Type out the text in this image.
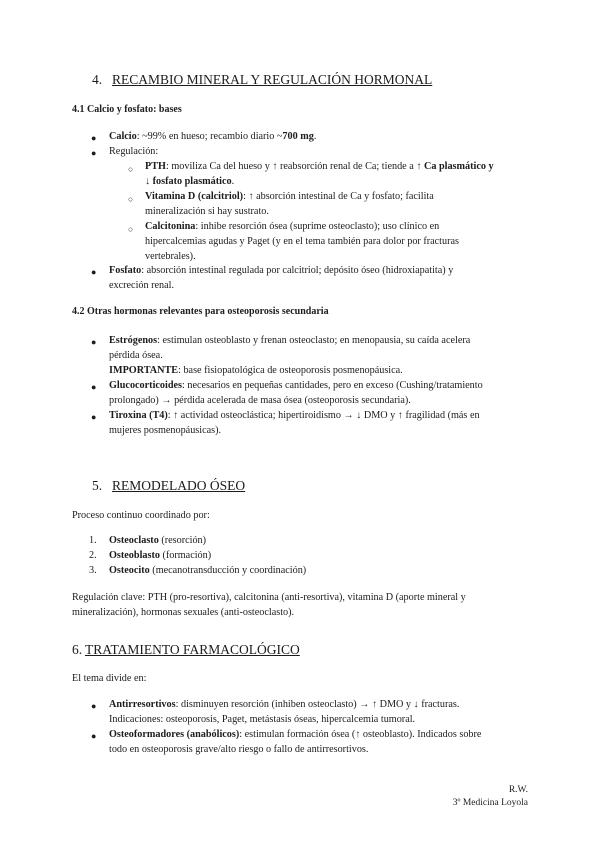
4. RECAMBIO MINERAL Y REGULACIÓN HORMONAL
4.1 Calcio y fosfato: bases
● Calcio: ~99% en hueso; recambio diario ~700 mg.
● Regulación:
○ PTH: moviliza Ca del hueso y ↑ reabsorción renal de Ca; tiende a ↑ Ca plasmático y
↓ fosfato plasmático.
○ Vitamina D (calcitriol): ↑ absorción intestinal de Ca y fosfato; facilita
mineralización si hay sustrato.
○ Calcitonina: inhibe resorción ósea (suprime osteoclasto); uso clínico en
hipercalcemias agudas y Paget (y en el tema también para dolor por fracturas
vertebrales).
● Fosfato: absorción intestinal regulada por calcitriol; depósito óseo (hidroxiapatita) y
excreción renal.
4.2 Otras hormonas relevantes para osteoporosis secundaria
● Estrógenos: estimulan osteoblasto y frenan osteoclasto; en menopausia, su caída acelera
pérdida ósea.
IMPORTANTE: base fisiopatológica de osteoporosis posmenopáusica.
● Glucocorticoides: necesarios en pequeñas cantidades, pero en exceso (Cushing/tratamiento
prolongado) → pérdida acelerada de masa ósea (osteoporosis secundaria).
● Tiroxina (T4): ↑ actividad osteoclástica; hipertiroidismo → ↓ DMO y ↑ fragilidad (más en
mujeres posmenopáusicas).
5. REMODELADO ÓSEO
Proceso continuo coordinado por:
1. Osteoclasto (resorción)
2. Osteoblasto (formación)
3. Osteocito (mecanotransducción y coordinación)
Regulación clave: PTH (pro-resortiva), calcitonina (anti-resortiva), vitamina D (aporte mineral y
mineralización), hormonas sexuales (anti-osteoclasto).
6. TRATAMIENTO FARMACOLÓGICO
El tema divide en:
● Antirresortivos: disminuyen resorción (inhiben osteoclasto) → ↑ DMO y ↓ fracturas.
Indicaciones: osteoporosis, Paget, metástasis óseas, hipercalcemia tumoral.
● Osteoformadores (anabólicos): estimulan formación ósea (↑ osteoblasto). Indicados sobre
todo en osteoporosis grave/alto riesgo o fallo de antirresortivos.
R.W.
3º Medicina Loyola
